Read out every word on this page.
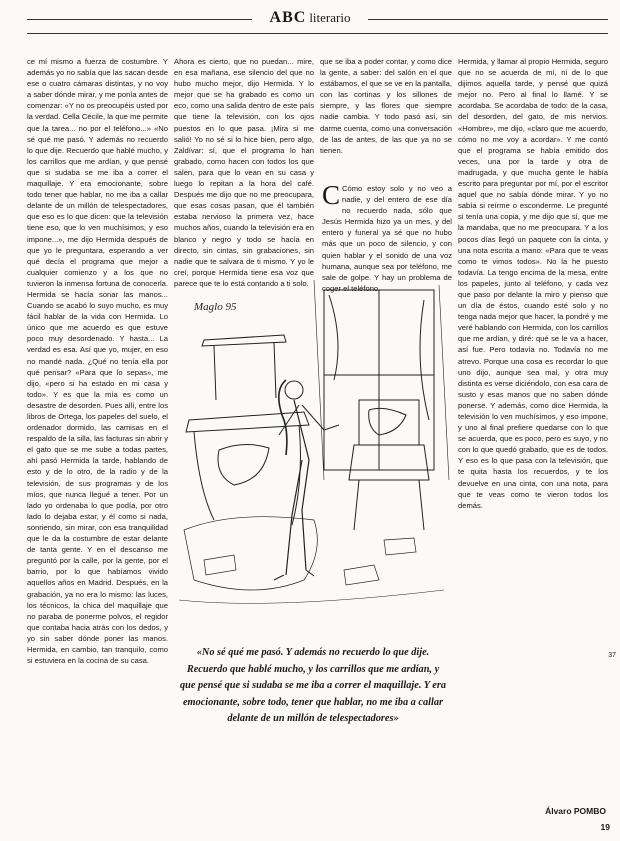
ABC literario

ce mí mismo a fuerza de costumbre. Y además yo no sabía que las sacan desde ese o cuatro cámaras distintas, y no voy a saber dónde mirar, y me ponía antes de comenzar: «Y no os preocupéis usted por la verdad. Cella Cécile, la que me permite que la tarea... no por el teléfono...» «No sé qué me pasó. Y además no recuerdo lo que dije. Recuerdo que hablé mucho, y los carrillos que me ardían, y que pensé que si sudaba se me iba a correr el maquillaje. Y era emocionante, sobre todo tener que hablar, no me iba a callar delante de un millón de telespectadores, que eso es lo que dicen: que la televisión tiene eso, que lo ven muchísimos, y eso impone...», me dijo Hermida después de que yo le preguntara, esperando a ver qué decía el programa que mejor a cualquier comienzo y a los que no tuvieron la inmensa fortuna de conocerla. Hermida se hacía sonar las manos... Cuando se acabó lo suyo mucho, es muy fácil hablar de la vida con Hermida. Lo único que me acuerdo es que estuve poco muy desordenado. Y hasta... La verdad es esa. Así que yo, mujer, en eso no mandé nada. ¿Qué no tenía ella por qué pensar? «Para que lo sepas», me dijo, «pero si ha estado en mi casa y todo». Y es que la mía es como un desastre de desorden. Pues allí, entre los libros de Ortega, los papeles del suelo, el ordenador dormido, las camisas en el respaldo de la silla, las facturas sin abrir y el gato que se me sube a todas partes, ahí pasó Hermida la tarde, hablando de esto y de lo otro, de la radio y de la televisión, de sus programas y de los míos, que nunca llegué a tener. Por un lado yo ordenaba lo que podía, por otro lado lo dejaba estar, y él como si nada, sonriendo, sin mirar, con esa tranquilidad que le da la costumbre de estar delante de tanta gente. Y en el descanso me preguntó por la calle, por la gente, por el barrio, por lo que habíamos vivido aquellos años en Madrid. Después, en la grabación, ya no era lo mismo: las luces, los técnicos, la chica del maquillaje que no paraba de ponerme polvos, el regidor que contaba hacia atrás con los dedos, y yo sin saber dónde poner las manos. Hermida, en cambio, tan tranquilo, como si estuviera en la cocina de su casa.

Ahora es cierto, que no puedan... mire, en esa mañana, ese silencio del que no hubo mucho mejor, dijo Hermida. Y lo mejor que se ha grabado es como un eco, como una salida dentro de este país que tiene la televisión, con los ojos puestos en lo que pasa. ¡Mira si me salió! Yo no sé si lo hice bien, pero algo, Zaldívar: sí, que el programa lo han grabado, como hacen con todos los que salen, para que lo vean en su casa y luego lo repitan a la hora del café. Después me dijo que no me preocupara, que esas cosas pasan, que él también estaba nervioso la primera vez, hace muchos años, cuando la televisión era en blanco y negro y todo se hacía en directo, sin cintas, sin grabaciones, sin nadie que te salvara de ti mismo. Y yo le creí, porque Hermida tiene esa voz que parece que te lo está contando a ti solo.

que se iba a poder contar, y como dice la gente, a saber: del salón en el que estábamos, el que se ve en la pantalla, con las cortinas y los sillones de siempre, y las flores que siempre nadie cambia. Y todo pasó así, sin darme cuenta, como una conversación de las de antes, de las que ya no se tienen.

C Cómo estoy solo y no veo a nadie, y del entero de ese día no recuerdo nada, sólo que Jesús Hermida hizo ya un mes, y del entero y funeral ya sé que no hubo más que un poco de silencio, y con quien hablar y el sonido de una voz humana, aunque sea por teléfono, me sale de golpe. Y hay un problema de coger el teléfono.

Hermida, y llamar al propio Hermida, seguro que no se acuerda de mí, ni de lo que dijimos aquella tarde, y pensé que quizá mejor no. Pero al final lo llamé. Y se acordaba. Se acordaba de todo: de la casa, del desorden, del gato, de mis nervios. «Hombre», me dijo, «claro que me acuerdo, cómo no me voy a acordar». Y me contó que el programa se había emitido dos veces, una por la tarde y otra de madrugada, y que mucha gente le había escrito para preguntar por mí, por el escritor aquel que no sabía dónde mirar. Y yo no sabía si reírme o esconderme. Le pregunté si tenía una copia, y me dijo que sí, que me la mandaba, que no me preocupara. Y a los pocos días llegó un paquete con la cinta, y una nota escrita a mano: «Para que te veas como te vimos todos». No la he puesto todavía. La tengo encima de la mesa, entre los papeles, junto al teléfono, y cada vez que paso por delante la miro y pienso que un día de éstos, cuando esté solo y no tenga nada mejor que hacer, la pondré y me veré hablando con Hermida, con los carrillos que me ardían, y diré: qué se le va a hacer, así fue. Pero todavía no. Todavía no me atrevo. Porque una cosa es recordar lo que uno dijo, aunque sea mal, y otra muy distinta es verse diciéndolo, con esa cara de susto y esas manos que no saben dónde ponerse. Y además, como dice Hermida, la televisión lo ven muchísimos, y eso impone, y uno al final prefiere quedarse con lo que se acuerda, que es poco, pero es suyo, y no con lo que quedó grabado, que es de todos. Y eso es lo que pasa con la televisión, que te quita hasta los recuerdos, y te los devuelve en una cinta, con una nota, para que te veas como te vieron todos los demás.

Maglo 95
«No sé qué me pasó. Y además no recuerdo lo que dije. Recuerdo que hablé mucho, y los carrillos que me ardían, y que pensé que si sudaba se me iba a correr el maquillaje. Y era emocionante, sobre todo, tener que hablar, no me iba a callar delante de un millón de telespectadores»
Álvaro POMBO
19
37
